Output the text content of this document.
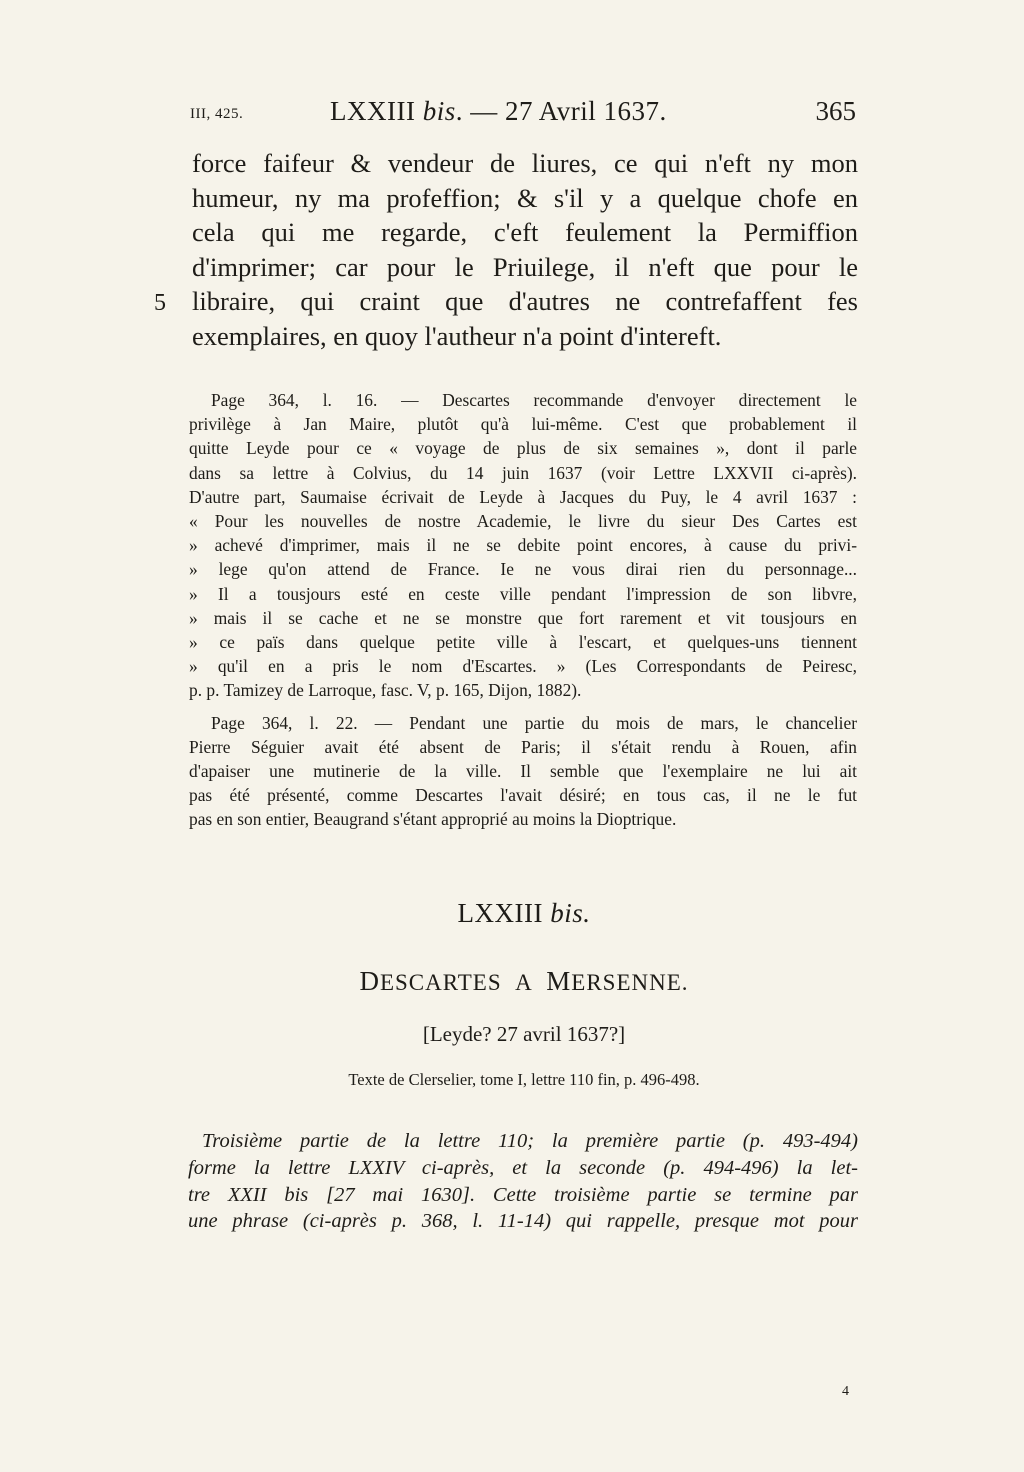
III, 425.	LXXIII bis. — 27 Avril 1637.	365
5
force faifeur & vendeur de liures, ce qui n'eft ny mon
humeur, ny ma profeffion; & s'il y a quelque chofe en
cela qui me regarde, c'eft feulement la Permiffion
d'imprimer; car pour le Priuilege, il n'eft que pour le
libraire, qui craint que d'autres ne contrefaffent fes
exemplaires, en quoy l'autheur n'a point d'intereft.
Page 364, l. 16. — Descartes recommande d'envoyer directement le
privilège à Jan Maire, plutôt qu'à lui-même. C'est que probablement il
quitte Leyde pour ce « voyage de plus de six semaines », dont il parle
dans sa lettre à Colvius, du 14 juin 1637 (voir Lettre LXXVII ci-après).
D'autre part, Saumaise écrivait de Leyde à Jacques du Puy, le 4 avril 1637 :
« Pour les nouvelles de nostre Academie, le livre du sieur Des Cartes est
» achevé d'imprimer, mais il ne se debite point encores, à cause du privi-
» lege qu'on attend de France. Ie ne vous dirai rien du personnage...
» Il a tousjours esté en ceste ville pendant l'impression de son libvre,
» mais il se cache et ne se monstre que fort rarement et vit tousjours en
» ce païs dans quelque petite ville à l'escart, et quelques-uns tiennent
» qu'il en a pris le nom d'Escartes. » (Les Correspondants de Peiresc,
p. p. Tamizey de Larroque, fasc. V, p. 165, Dijon, 1882).
Page 364, l. 22. — Pendant une partie du mois de mars, le chancelier
Pierre Séguier avait été absent de Paris; il s'était rendu à Rouen, afin
d'apaiser une mutinerie de la ville. Il semble que l'exemplaire ne lui ait
pas été présenté, comme Descartes l'avait désiré; en tous cas, il ne le fut
pas en son entier, Beaugrand s'étant approprié au moins la Dioptrique.
LXXIII bis.
DESCARTES A MERSENNE.
[Leyde? 27 avril 1637?]
Texte de Clerselier, tome I, lettre 110 fin, p. 496-498.
Troisième partie de la lettre 110; la première partie (p. 493-494)
forme la lettre LXXIV ci-après, et la seconde (p. 494-496) la let-
tre XXII bis [27 mai 1630]. Cette troisième partie se termine par
une phrase (ci-après p. 368, l. 11-14) qui rappelle, presque mot pour
4
